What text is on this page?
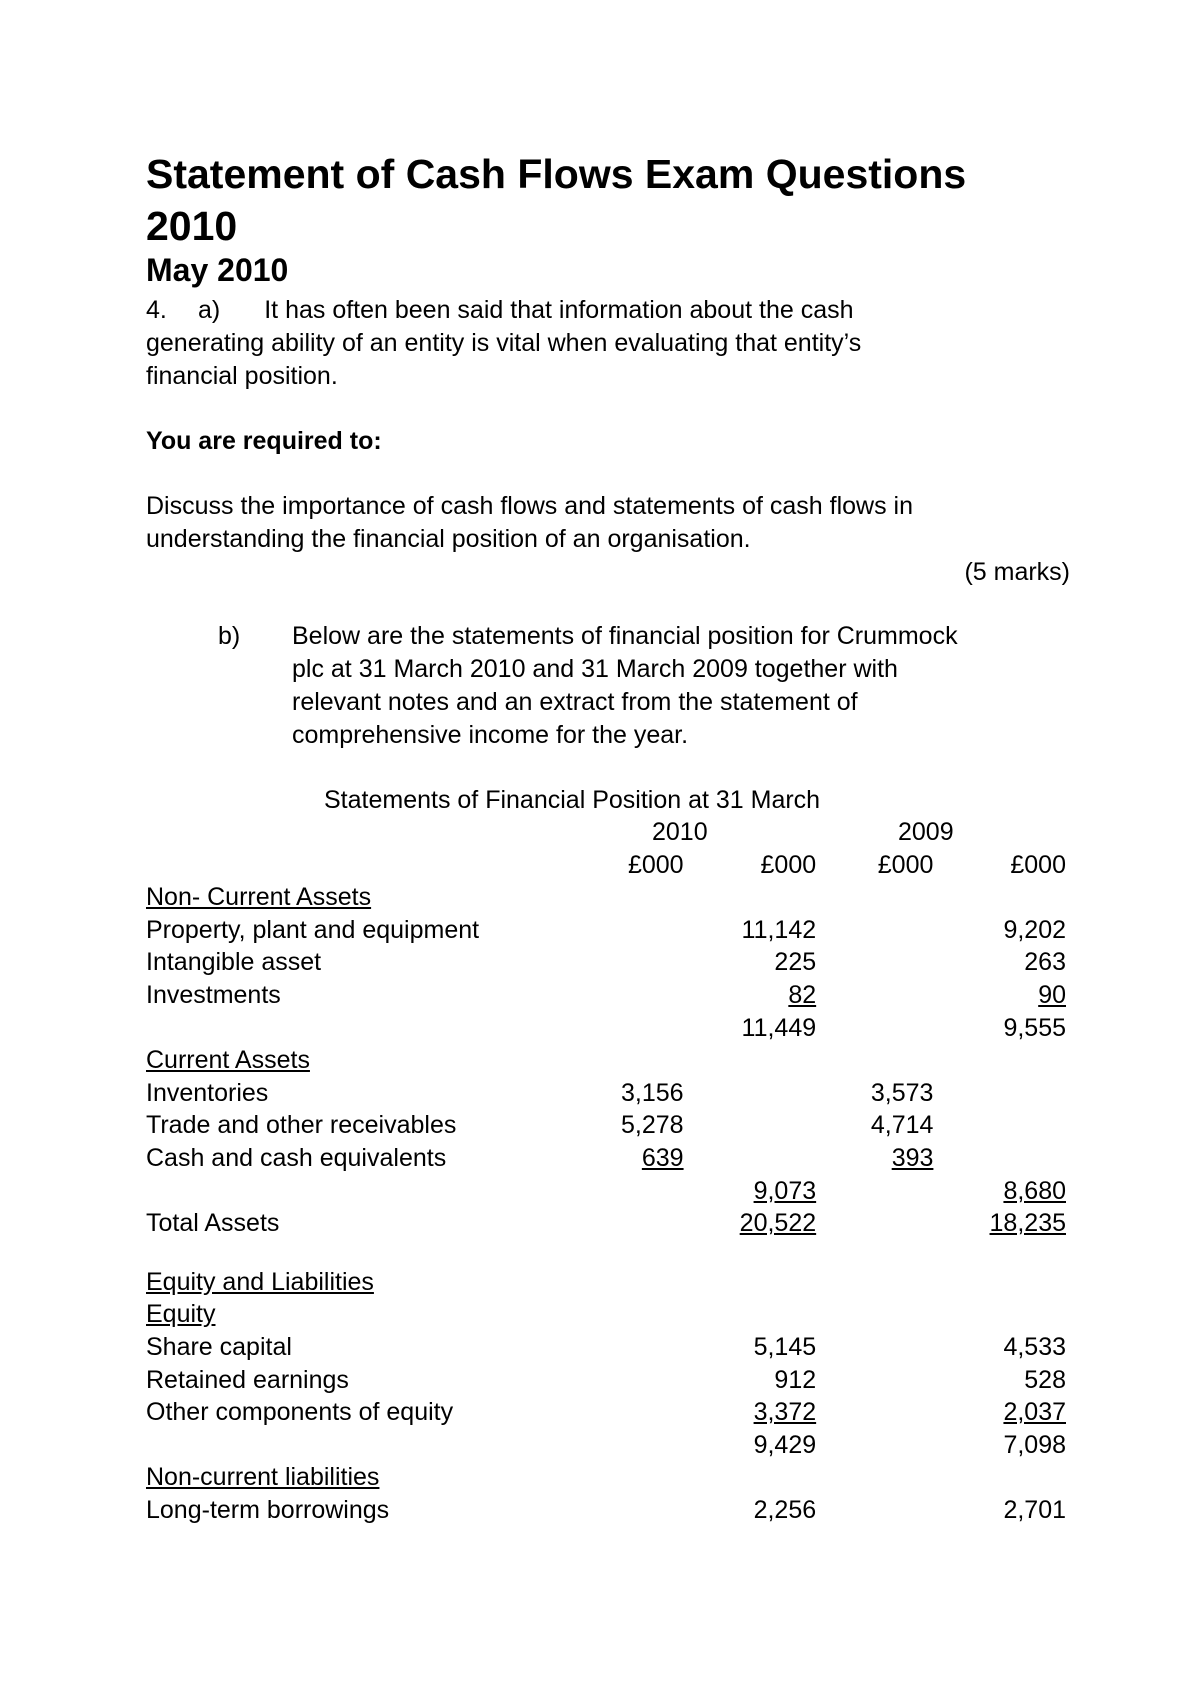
Statement of Cash Flows Exam Questions 2010
May 2010
4. a) It has often been said that information about the cash

generating ability of an entity is vital when evaluating that entity’s

financial position.

You are required to:

Discuss the importance of cash flows and statements of cash flows in

understanding the financial position of an organisation.

(5 marks)
b) Below are the statements of financial position for Crummock
plc at 31 March 2010 and 31 March 2009 together with
relevant notes and an extract from the statement of
comprehensive income for the year.
Statements of Financial Position at 31 March
2010	2009
	£000	£000	£000	£000
Non- Current Assets				
Property, plant and equipment		11,142		9,202
Intangible asset		225		263
Investments		82		90
		11,449		9,555
Current Assets				
Inventories	3,156		3,573	
Trade and other receivables	5,278		4,714	
Cash and cash equivalents	639		393	
		9,073		8,680
Total Assets		20,522		18,235

Equity and Liabilities				
Equity				
Share capital		5,145		4,533
Retained earnings		912		528
Other components of equity		3,372		2,037
		9,429		7,098
Non-current liabilities				
Long-term borrowings		2,256		2,701
